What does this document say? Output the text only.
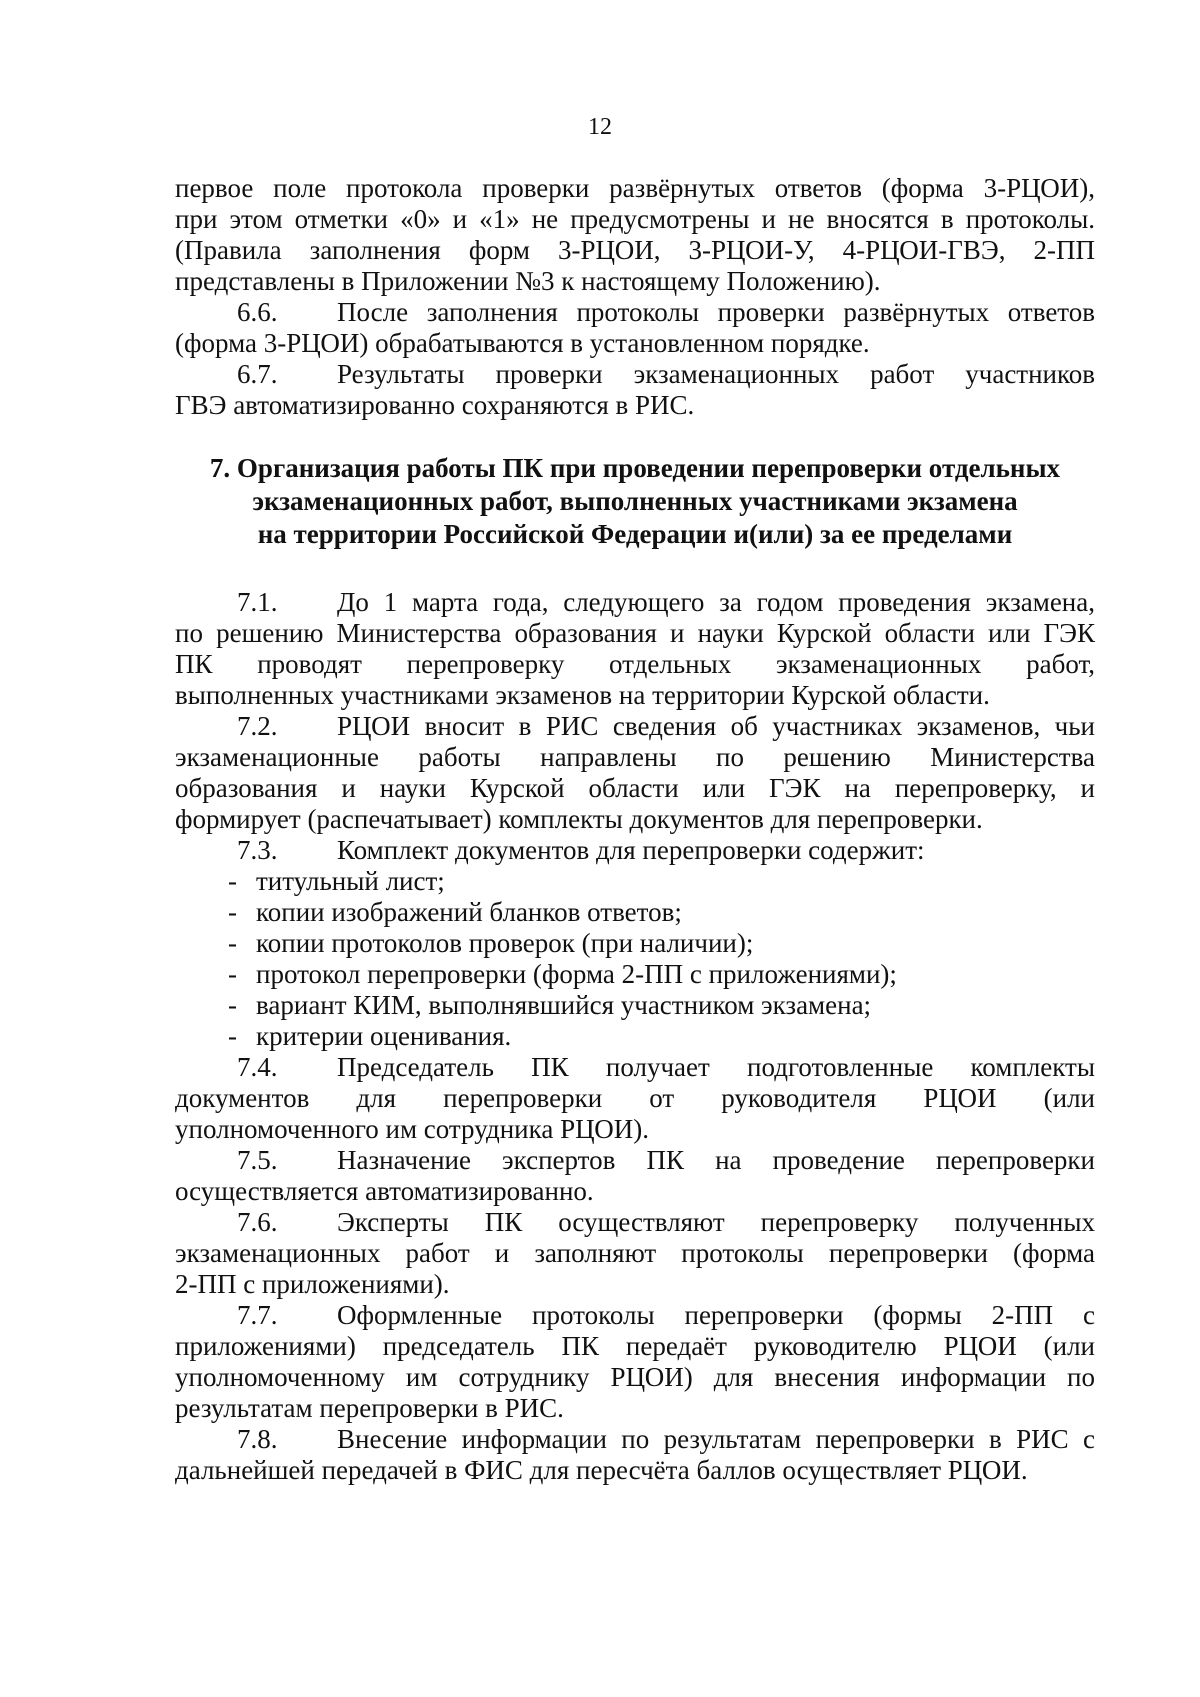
12
первое поле протокола проверки развёрнутых ответов (форма 3-РЦОИ),
при этом отметки «0» и «1» не предусмотрены и не вносятся в протоколы.
(Правила заполнения форм 3-РЦОИ, 3-РЦОИ-У, 4-РЦОИ-ГВЭ, 2-ПП
представлены в Приложении №3 к настоящему Положению).
6.6. После заполнения протоколы проверки развёрнутых ответов
(форма 3-РЦОИ) обрабатываются в установленном порядке.
6.7. Результаты проверки экзаменационных работ участников
ГВЭ автоматизированно сохраняются в РИС.
7. Организация работы ПК при проведении перепроверки отдельных
экзаменационных работ, выполненных участниками экзамена
на территории Российской Федерации и(или) за ее пределами
7.1. До 1 марта года, следующего за годом проведения экзамена,
по решению Министерства образования и науки Курской области или ГЭК
ПК проводят перепроверку отдельных экзаменационных работ,
выполненных участниками экзаменов на территории Курской области.
7.2. РЦОИ вносит в РИС сведения об участниках экзаменов, чьи
экзаменационные работы направлены по решению Министерства
образования и науки Курской области или ГЭК на перепроверку, и
формирует (распечатывает) комплекты документов для перепроверки.
7.3. Комплект документов для перепроверки содержит:
- титульный лист;
- копии изображений бланков ответов;
- копии протоколов проверок (при наличии);
- протокол перепроверки (форма 2-ПП с приложениями);
- вариант КИМ, выполнявшийся участником экзамена;
- критерии оценивания.
7.4. Председатель ПК получает подготовленные комплекты
документов для перепроверки от руководителя РЦОИ (или
уполномоченного им сотрудника РЦОИ).
7.5. Назначение экспертов ПК на проведение перепроверки
осуществляется автоматизированно.
7.6. Эксперты ПК осуществляют перепроверку полученных
экзаменационных работ и заполняют протоколы перепроверки (форма
2-ПП с приложениями).
7.7. Оформленные протоколы перепроверки (формы 2-ПП с
приложениями) председатель ПК передаёт руководителю РЦОИ (или
уполномоченному им сотруднику РЦОИ) для внесения информации по
результатам перепроверки в РИС.
7.8. Внесение информации по результатам перепроверки в РИС с
дальнейшей передачей в ФИС для пересчёта баллов осуществляет РЦОИ.
